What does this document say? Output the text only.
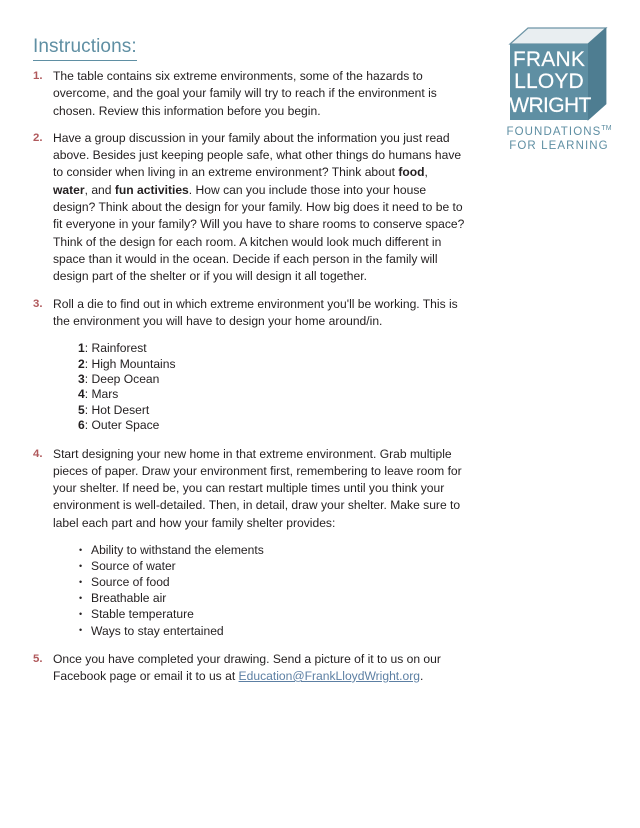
FRANK
LLOYD
WRIGHT
FOUNDATIONS™
FOR LEARNING
Instructions:
1. The table contains six extreme environments, some of the hazards to overcome, and the goal your family will try to reach if the environment is chosen. Review this information before you begin.
2. Have a group discussion in your family about the information you just read above. Besides just keeping people safe, what other things do humans have to consider when living in an extreme environment? Think about food, water, and fun activities. How can you include those into your house design? Think about the design for your family. How big does it need to be to fit everyone in your family? Will you have to share rooms to conserve space? Think of the design for each room. A kitchen would look much different in space than it would in the ocean. Decide if each person in the family will design part of the shelter or if you will design it all together.
3. Roll a die to find out in which extreme environment you'll be working. This is the environment you will have to design your home around/in.
1: Rainforest
2: High Mountains
3: Deep Ocean
4: Mars
5: Hot Desert
6: Outer Space
4. Start designing your new home in that extreme environment. Grab multiple pieces of paper. Draw your environment first, remembering to leave room for your shelter. If need be, you can restart multiple times until you think your environment is well-detailed. Then, in detail, draw your shelter. Make sure to label each part and how your family shelter provides:
• Ability to withstand the elements
• Source of water
• Source of food
• Breathable air
• Stable temperature
• Ways to stay entertained
5. Once you have completed your drawing. Send a picture of it to us on our Facebook page or email it to us at Education@FrankLloydWright.org.
